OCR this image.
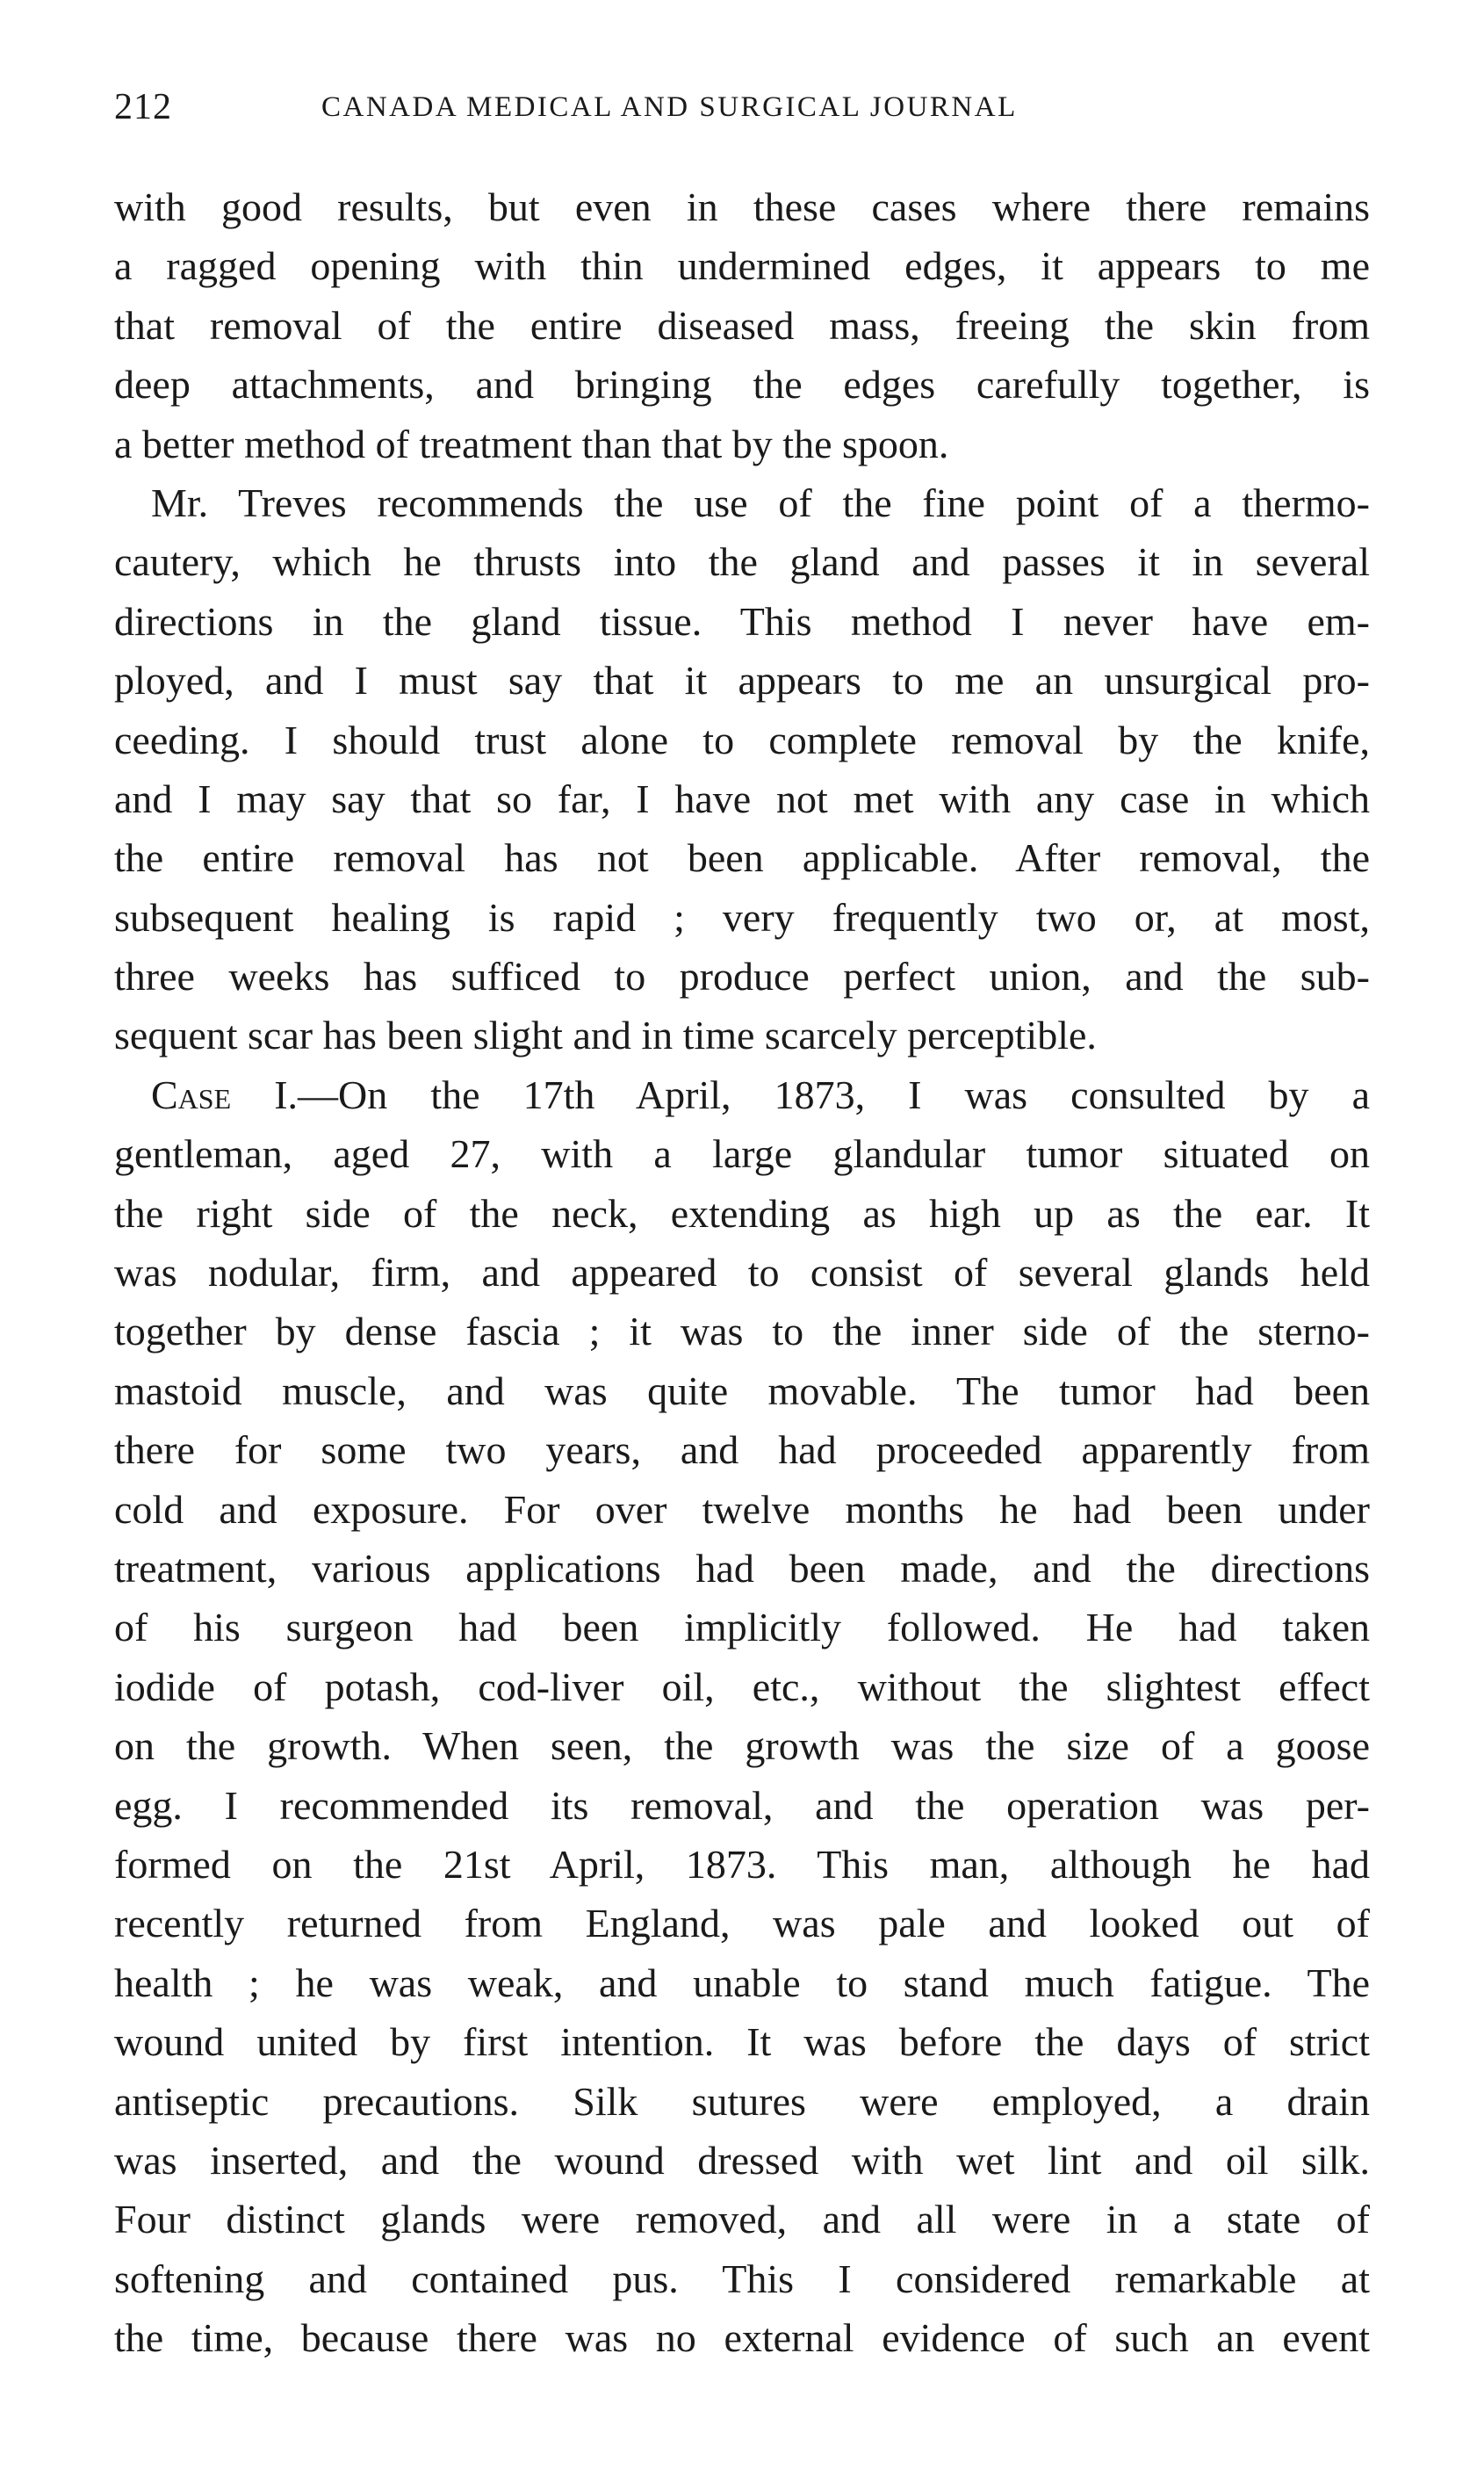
212	CANADA MEDICAL AND SURGICAL JOURNAL
with good results, but even in these cases where there remains
a ragged opening with thin undermined edges, it appears to me
that removal of the entire diseased mass, freeing the skin from
deep attachments, and bringing the edges carefully together, is
a better method of treatment than that by the spoon.
Mr. Treves recommends the use of the fine point of a thermo-
cautery, which he thrusts into the gland and passes it in several
directions in the gland tissue. This method I never have em-
ployed, and I must say that it appears to me an unsurgical pro-
ceeding. I should trust alone to complete removal by the knife,
and I may say that so far, I have not met with any case in which
the entire removal has not been applicable. After removal, the
subsequent healing is rapid ; very frequently two or, at most,
three weeks has sufficed to produce perfect union, and the sub-
sequent scar has been slight and in time scarcely perceptible.
Case I.—On the 17th April, 1873, I was consulted by a
gentleman, aged 27, with a large glandular tumor situated on
the right side of the neck, extending as high up as the ear. It
was nodular, firm, and appeared to consist of several glands held
together by dense fascia ; it was to the inner side of the sterno-
mastoid muscle, and was quite movable. The tumor had been
there for some two years, and had proceeded apparently from
cold and exposure. For over twelve months he had been under
treatment, various applications had been made, and the directions
of his surgeon had been implicitly followed. He had taken
iodide of potash, cod-liver oil, etc., without the slightest effect
on the growth. When seen, the growth was the size of a goose
egg. I recommended its removal, and the operation was per-
formed on the 21st April, 1873. This man, although he had
recently returned from England, was pale and looked out of
health ; he was weak, and unable to stand much fatigue. The
wound united by first intention. It was before the days of strict
antiseptic precautions. Silk sutures were employed, a drain
was inserted, and the wound dressed with wet lint and oil silk.
Four distinct glands were removed, and all were in a state of
softening and contained pus. This I considered remarkable at
the time, because there was no external evidence of such an event
